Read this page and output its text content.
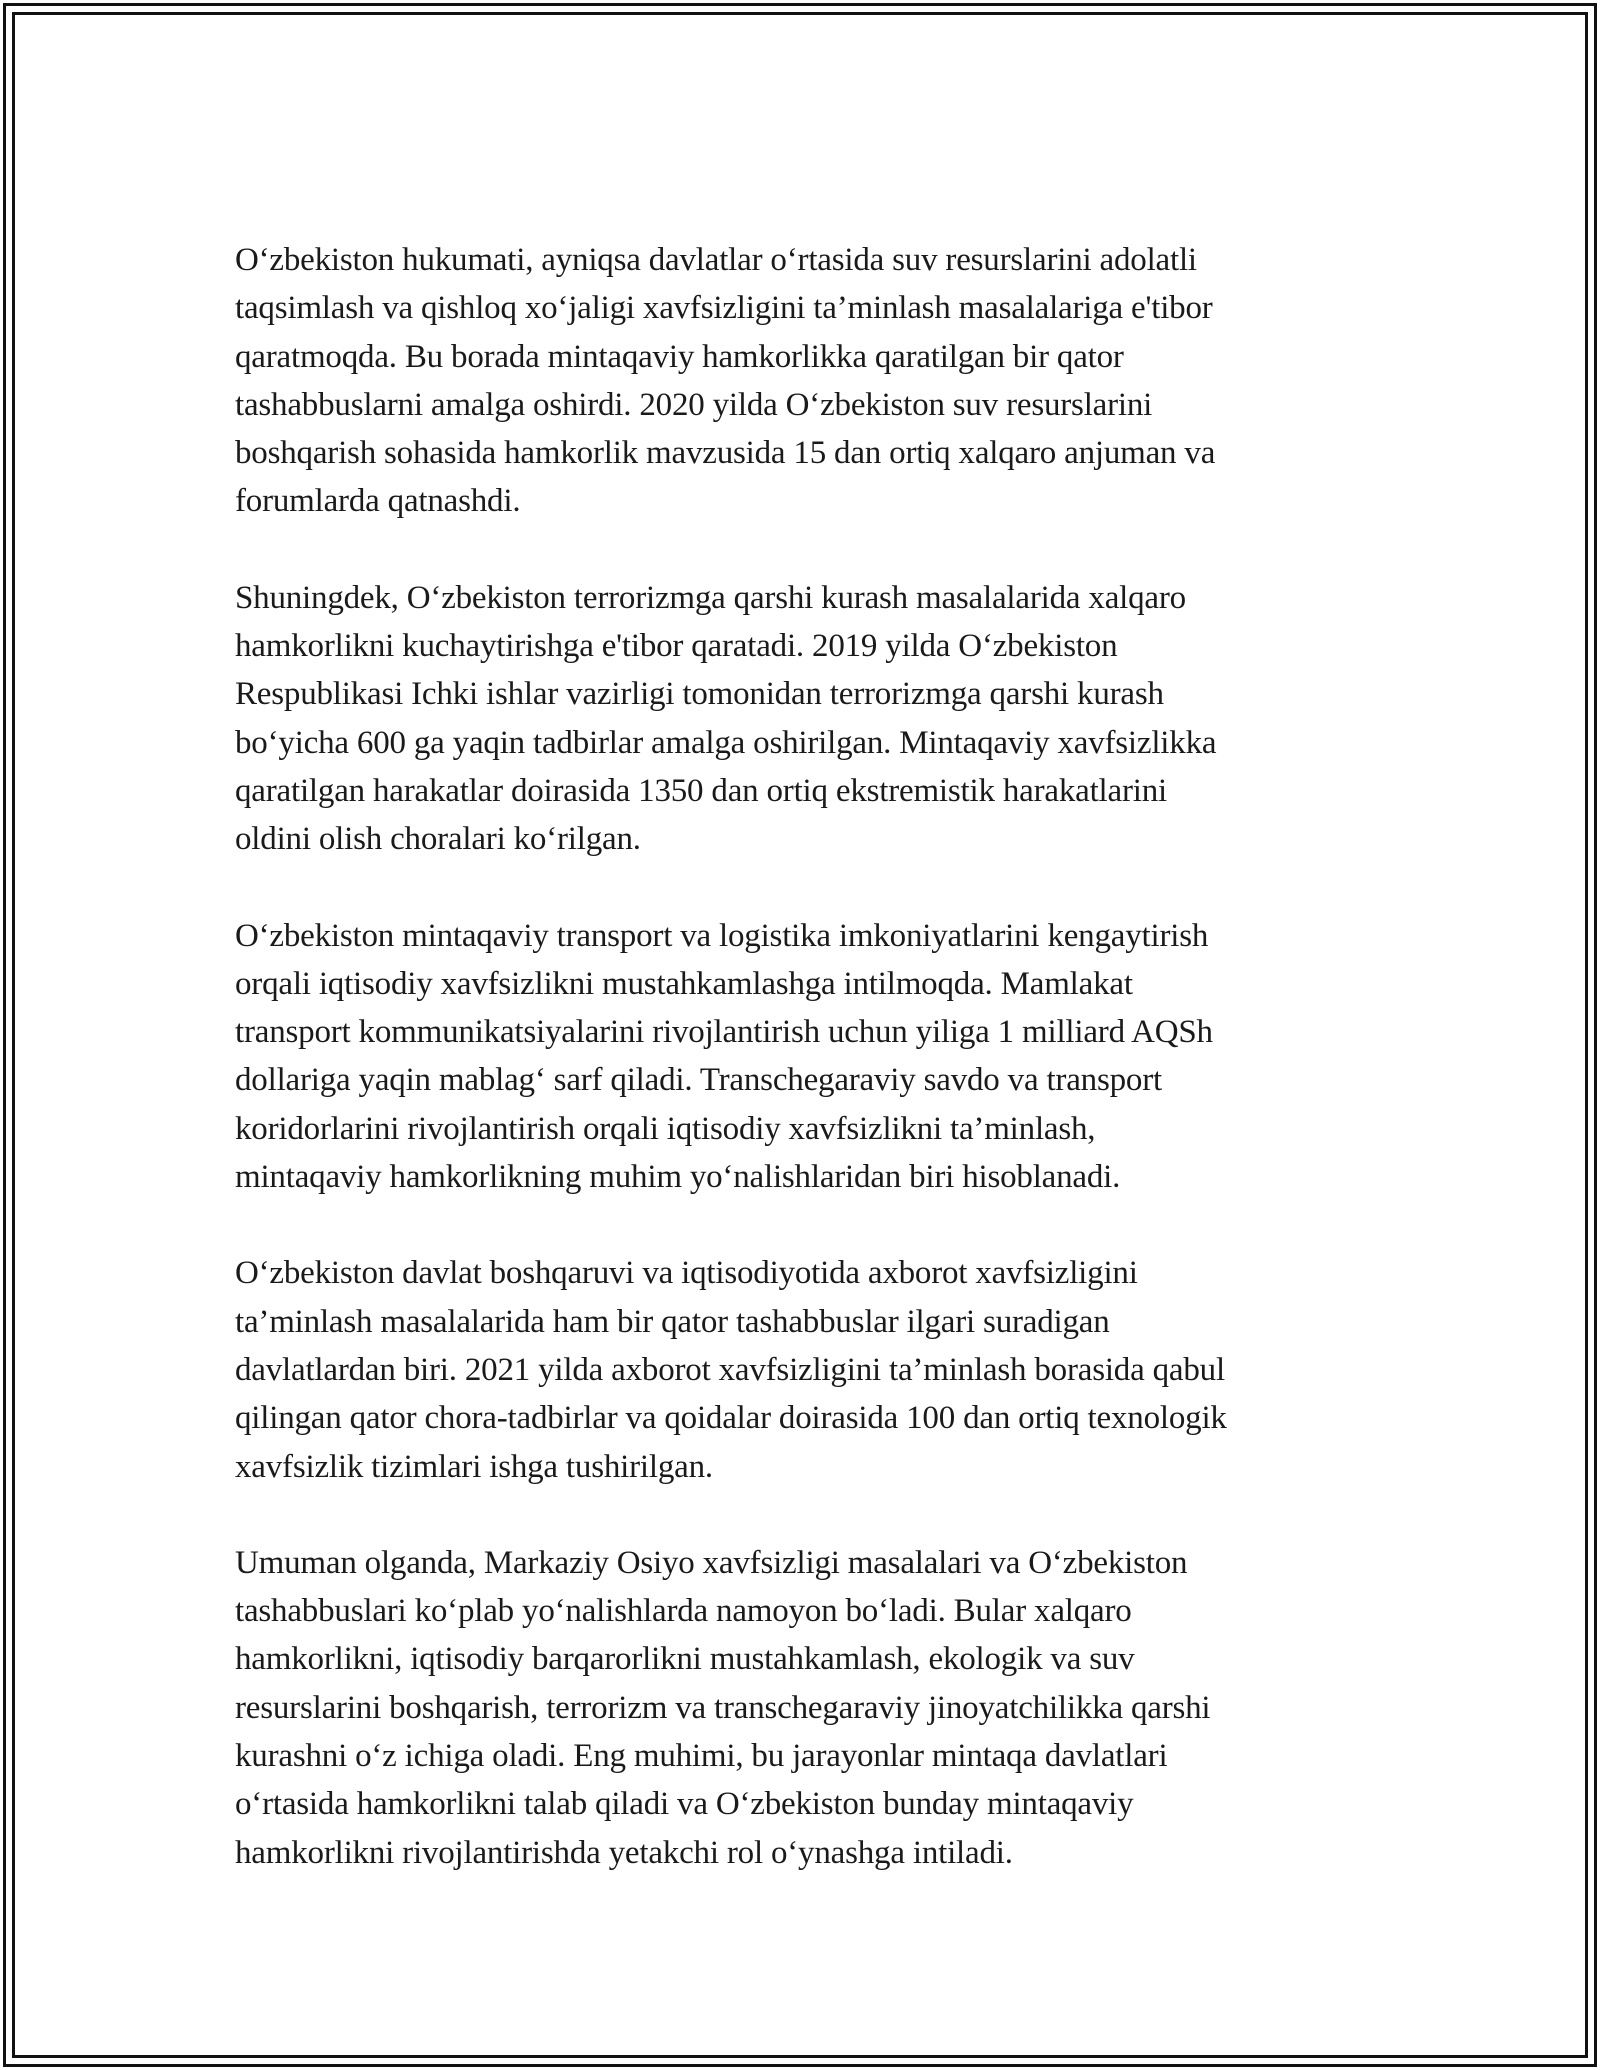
O‘zbekiston hukumati, ayniqsa davlatlar o‘rtasida suv resurslarini adolatli
taqsimlash va qishloq xo‘jaligi xavfsizligini ta’minlash masalalariga e'tibor
qaratmoqda. Bu borada mintaqaviy hamkorlikka qaratilgan bir qator
tashabbuslarni amalga oshirdi. 2020 yilda O‘zbekiston suv resurslarini
boshqarish sohasida hamkorlik mavzusida 15 dan ortiq xalqaro anjuman va
forumlarda qatnashdi.

Shuningdek, O‘zbekiston terrorizmga qarshi kurash masalalarida xalqaro
hamkorlikni kuchaytirishga e'tibor qaratadi. 2019 yilda O‘zbekiston
Respublikasi Ichki ishlar vazirligi tomonidan terrorizmga qarshi kurash
bo‘yicha 600 ga yaqin tadbirlar amalga oshirilgan. Mintaqaviy xavfsizlikka
qaratilgan harakatlar doirasida 1350 dan ortiq ekstremistik harakatlarini
oldini olish choralari ko‘rilgan.

O‘zbekiston mintaqaviy transport va logistika imkoniyatlarini kengaytirish
orqali iqtisodiy xavfsizlikni mustahkamlashga intilmoqda. Mamlakat
transport kommunikatsiyalarini rivojlantirish uchun yiliga 1 milliard AQSh
dollariga yaqin mablag‘ sarf qiladi. Transchegaraviy savdo va transport
koridorlarini rivojlantirish orqali iqtisodiy xavfsizlikni ta’minlash,
mintaqaviy hamkorlikning muhim yo‘nalishlaridan biri hisoblanadi.

O‘zbekiston davlat boshqaruvi va iqtisodiyotida axborot xavfsizligini
ta’minlash masalalarida ham bir qator tashabbuslar ilgari suradigan
davlatlardan biri. 2021 yilda axborot xavfsizligini ta’minlash borasida qabul
qilingan qator chora-tadbirlar va qoidalar doirasida 100 dan ortiq texnologik
xavfsizlik tizimlari ishga tushirilgan.

Umuman olganda, Markaziy Osiyo xavfsizligi masalalari va O‘zbekiston
tashabbuslari ko‘plab yo‘nalishlarda namoyon bo‘ladi. Bular xalqaro
hamkorlikni, iqtisodiy barqarorlikni mustahkamlash, ekologik va suv
resurslarini boshqarish, terrorizm va transchegaraviy jinoyatchilikka qarshi
kurashni o‘z ichiga oladi. Eng muhimi, bu jarayonlar mintaqa davlatlari
o‘rtasida hamkorlikni talab qiladi va O‘zbekiston bunday mintaqaviy
hamkorlikni rivojlantirishda yetakchi rol o‘ynashga intiladi.
